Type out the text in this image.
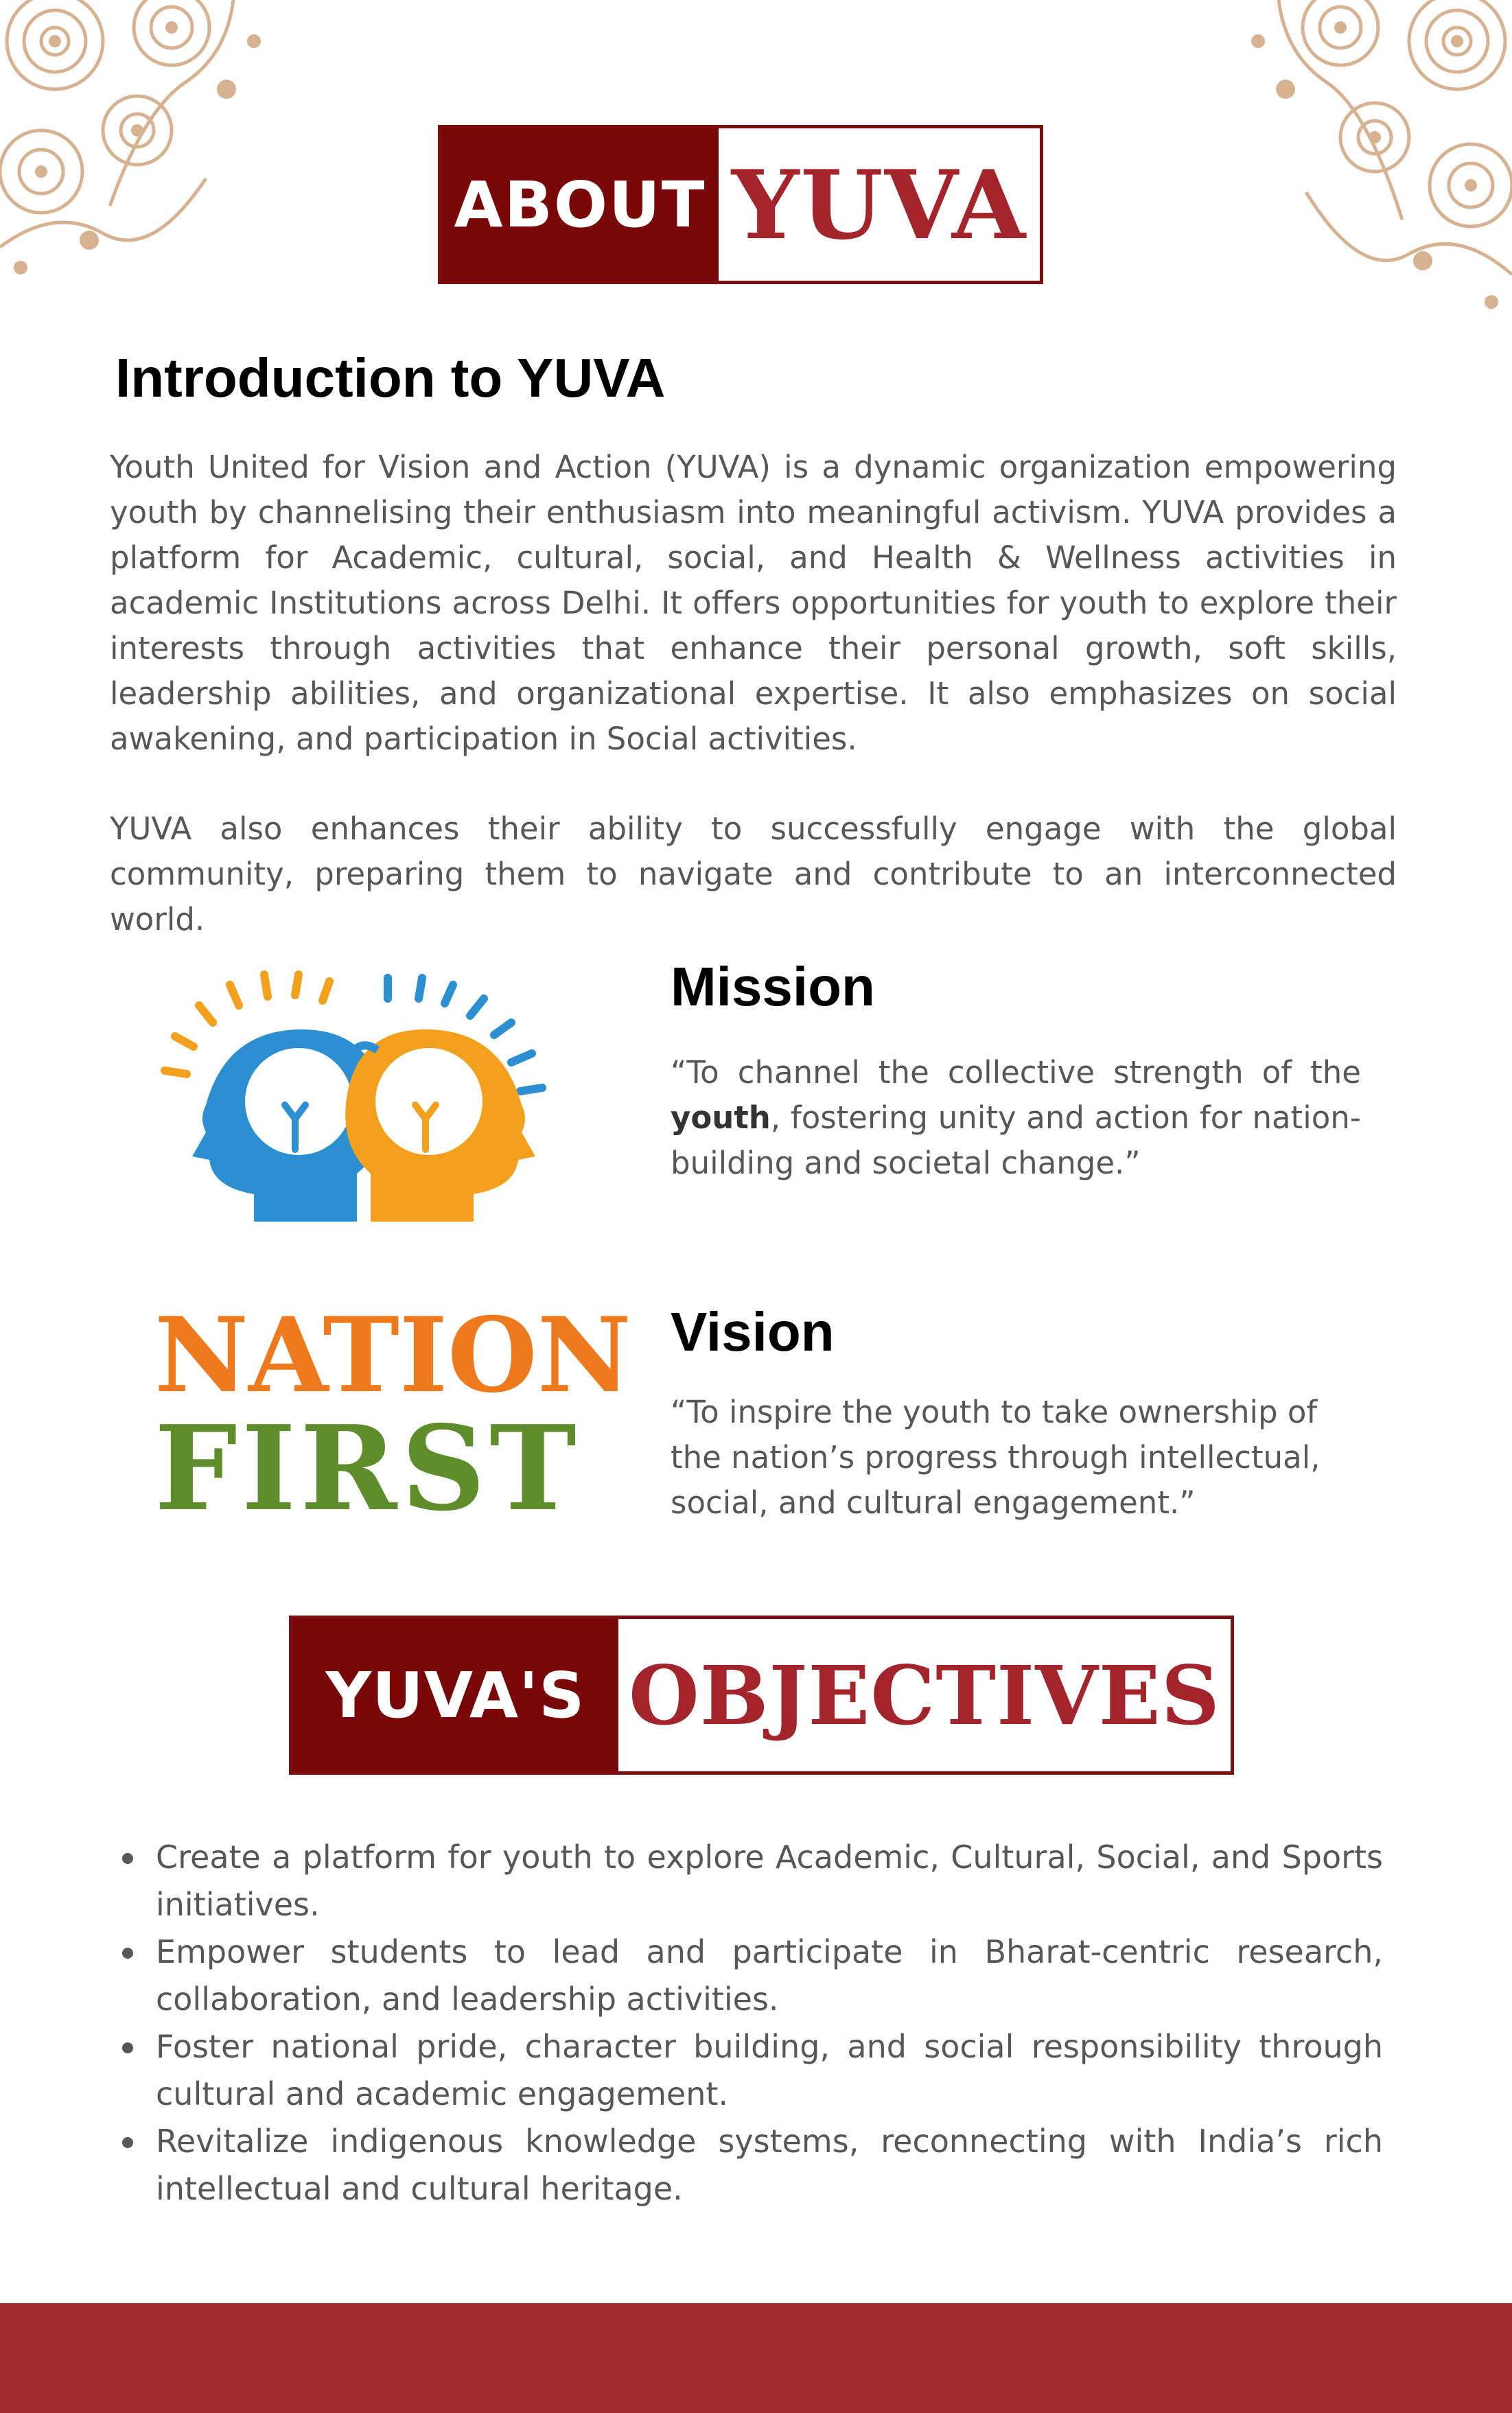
ABOUT YUVA
Introduction to YUVA

Youth United for Vision and Action (YUVA) is a dynamic organization empowering youth by channelising their enthusiasm into meaningful activism. YUVA provides a platform for Academic, cultural, social, and Health & Wellness activities in academic Institutions across Delhi. It offers opportunities for youth to explore their interests through activities that enhance their personal growth, soft skills, leadership abilities, and organizational expertise. It also emphasizes on social awakening, and participation in Social activities.

YUVA also enhances their ability to successfully engage with the global community, preparing them to navigate and contribute to an interconnected world.

Mission

“To channel the collective strength of the youth, fostering unity and action for nation-building and societal change.”

NATION
FIRST
Vision

“To inspire the youth to take ownership of the nation’s progress through intellectual, social, and cultural engagement.”

YUVA'S OBJECTIVES
Create a platform for youth to explore Academic, Cultural, Social, and Sports initiatives.
Empower students to lead and participate in Bharat-centric research, collaboration, and leadership activities.
Foster national pride, character building, and social responsibility through cultural and academic engagement.
Revitalize indigenous knowledge systems, reconnecting with India’s rich intellectual and cultural heritage.
